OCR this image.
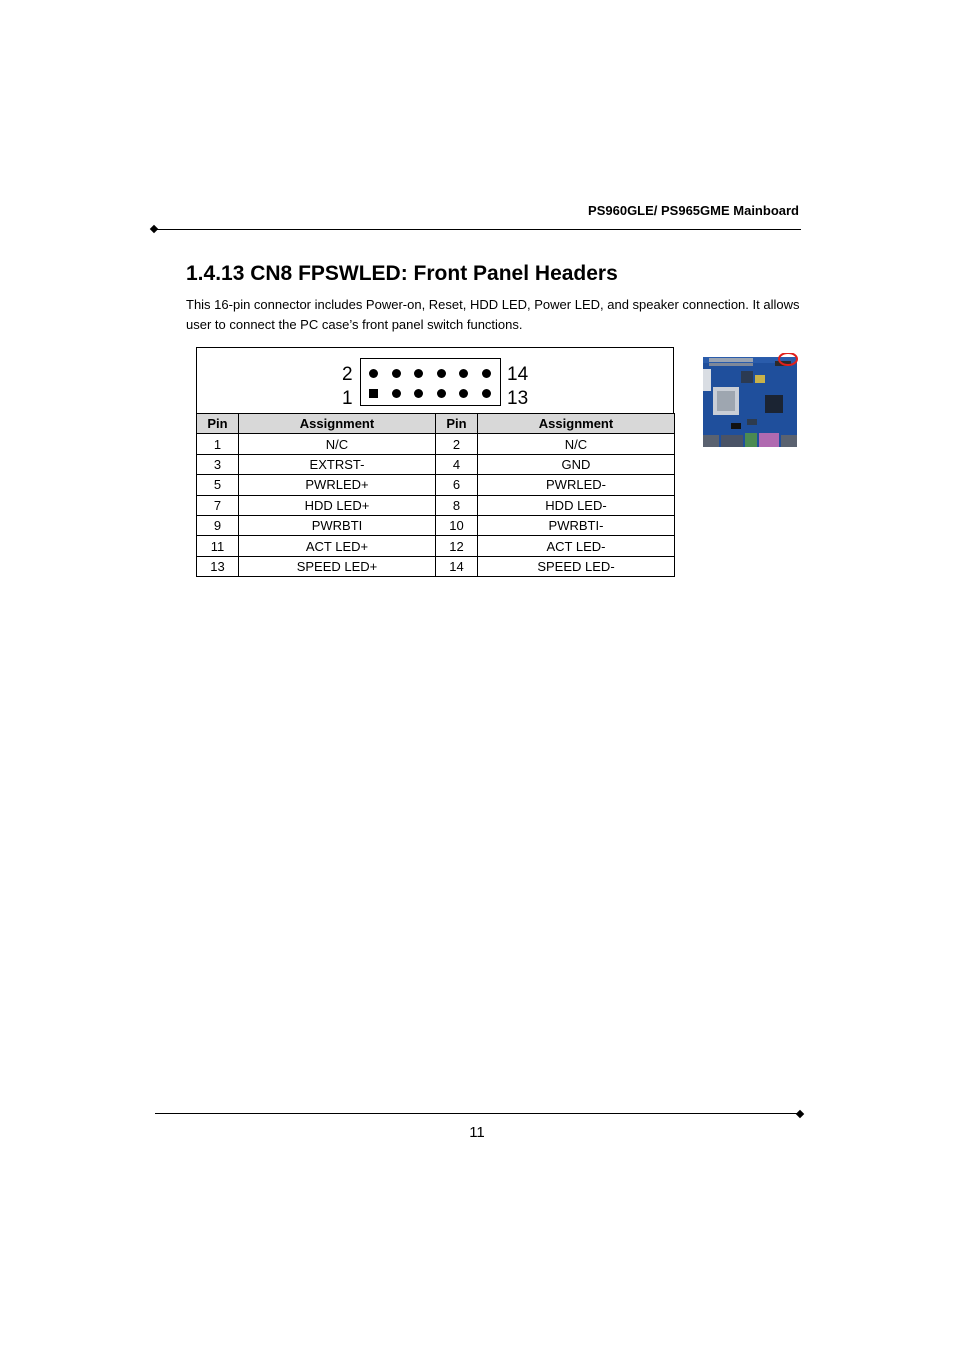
PS960GLE/ PS965GME Mainboard
1.4.13 CN8 FPSWLED: Front Panel Headers

This 16-pin connector includes Power-on, Reset, HDD LED, Power LED, and speaker connection. It allows user to connect the PC case’s front panel switch functions.

2
1
14
13
Pin	Assignment	Pin	Assignment
1	N/C	2	N/C
3	EXTRST-	4	GND
5	PWRLED+	6	PWRLED-
7	HDD LED+	8	HDD LED-
9	PWRBTI	10	PWRBTI-
11	ACT LED+	12	ACT LED-
13	SPEED LED+	14	SPEED LED-
11
